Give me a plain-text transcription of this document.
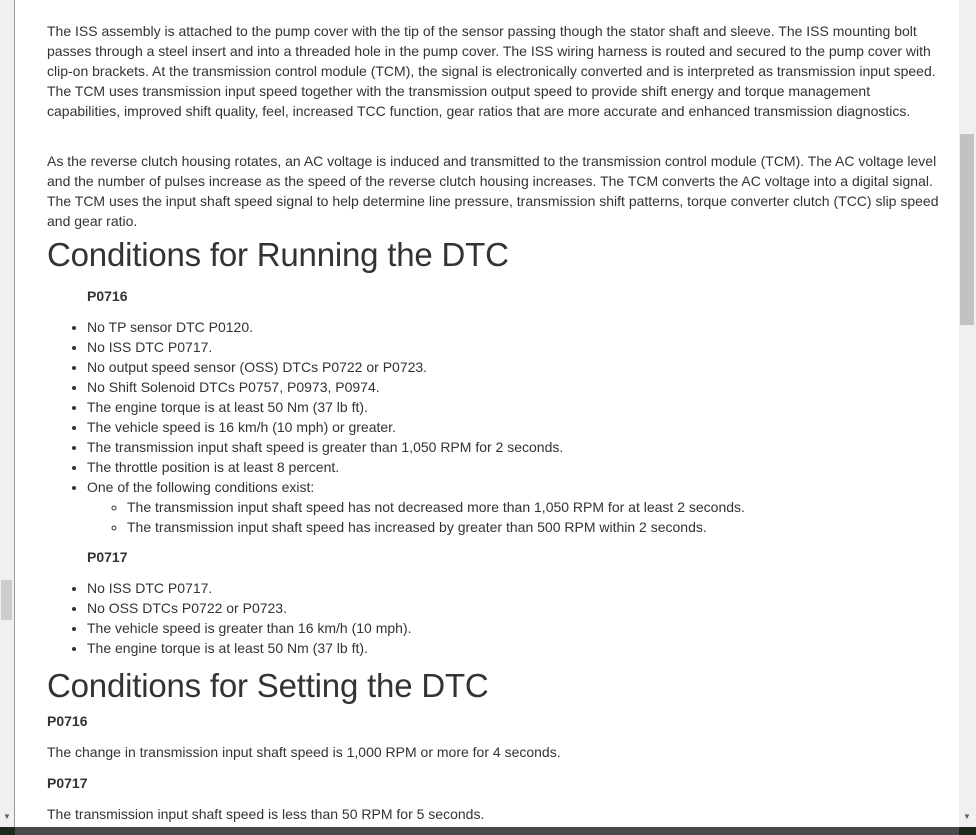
▼

The ISS assembly is attached to the pump cover with the tip of the sensor passing though the stator shaft and sleeve. The ISS mounting bolt passes through a steel insert and into a threaded hole in the pump cover. The ISS wiring harness is routed and secured to the pump cover with clip-on brackets. At the transmission control module (TCM), the signal is electronically converted and is interpreted as transmission input speed. The TCM uses transmission input speed together with the transmission output speed to provide shift energy and torque management capabilities, improved shift quality, feel, increased TCC function, gear ratios that are more accurate and enhanced transmission diagnostics.

As the reverse clutch housing rotates, an AC voltage is induced and transmitted to the transmission control module (TCM). The AC voltage level and the number of pulses increase as the speed of the reverse clutch housing increases. The TCM converts the AC voltage into a digital signal. The TCM uses the input shaft speed signal to help determine line pressure, transmission shift patterns, torque converter clutch (TCC) slip speed and gear ratio.

Conditions for Running the DTC
P0716
• No TP sensor DTC P0120.
• No ISS DTC P0717.
• No output speed sensor (OSS) DTCs P0722 or P0723.
• No Shift Solenoid DTCs P0757, P0973, P0974.
• The engine torque is at least 50 Nm (37 lb ft).
• The vehicle speed is 16 km/h (10 mph) or greater.
• The transmission input shaft speed is greater than 1,050 RPM for 2 seconds.
• The throttle position is at least 8 percent.
• One of the following conditions exist:
◦ The transmission input shaft speed has not decreased more than 1,050 RPM for at least 2 seconds.
◦ The transmission input shaft speed has increased by greater than 500 RPM within 2 seconds.
P0717
• No ISS DTC P0717.
• No OSS DTCs P0722 or P0723.
• The vehicle speed is greater than 16 km/h (10 mph).
• The engine torque is at least 50 Nm (37 lb ft).
Conditions for Setting the DTC
P0716

The change in transmission input shaft speed is 1,000 RPM or more for 4 seconds.

P0717

The transmission input shaft speed is less than 50 RPM for 5 seconds.	▼
